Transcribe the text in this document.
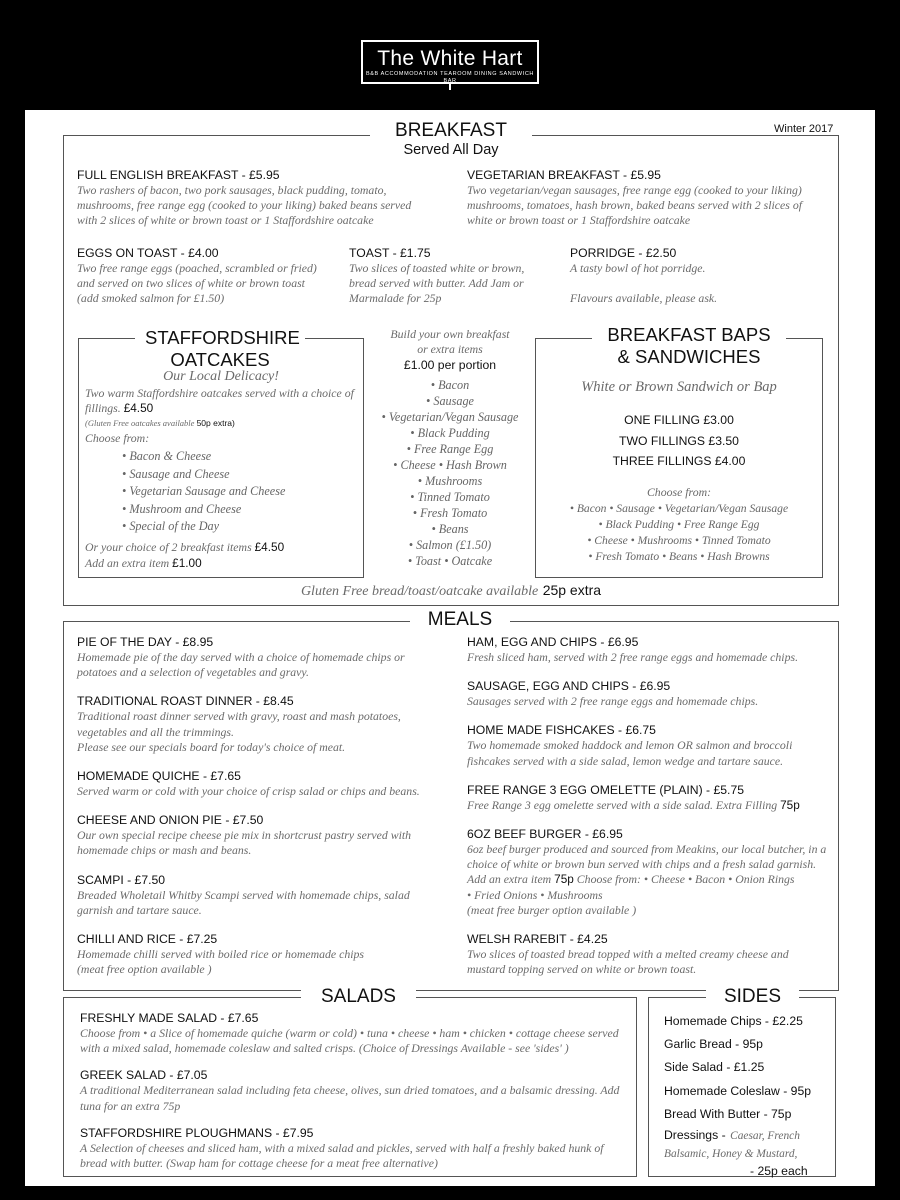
The White Hart
B&B ACCOMMODATION TEAROOM DINING SANDWICH BAR
Winter 2017
BREAKFAST
Served All Day
FULL ENGLISH BREAKFAST - £5.95
Two rashers of bacon, two pork sausages, black pudding, tomato, mushrooms, free range egg (cooked to your liking) baked beans served with 2 slices of white or brown toast or 1 Staffordshire oatcake
VEGETARIAN BREAKFAST - £5.95
Two vegetarian/vegan sausages, free range egg (cooked to your liking) mushrooms, tomatoes, hash brown, baked beans served with 2 slices of white or brown toast or 1 Staffordshire oatcake
EGGS ON TOAST - £4.00
Two free range eggs (poached, scrambled or fried) and served on two slices of white or brown toast (add smoked salmon for £1.50)
TOAST - £1.75
Two slices of toasted white or brown, bread served with butter. Add Jam or Marmalade for 25p
PORRIDGE - £2.50
A tasty bowl of hot porridge.
Flavours available, please ask.
STAFFORDSHIRE
OATCAKES
Our Local Delicacy!
Two warm Staffordshire oatcakes served with a choice of fillings. £4.50
(Gluten Free oatcakes available 50p extra)
Choose from:
• Bacon & Cheese
• Sausage and Cheese
• Vegetarian Sausage and Cheese
• Mushroom and Cheese
• Special of the Day
Or your choice of 2 breakfast items £4.50
Add an extra item £1.00
Build your own breakfast
or extra items
£1.00 per portion
• Bacon
• Sausage
• Vegetarian/Vegan Sausage
• Black Pudding
• Free Range Egg
• Cheese • Hash Brown
• Mushrooms
• Tinned Tomato
• Fresh Tomato
• Beans
• Salmon (£1.50)
• Toast • Oatcake
BREAKFAST BAPS
& SANDWICHES
White or Brown Sandwich or Bap
ONE FILLING £3.00
TWO FILLINGS £3.50
THREE FILLINGS £4.00
Choose from:
• Bacon • Sausage • Vegetarian/Vegan Sausage
• Black Pudding • Free Range Egg
• Cheese • Mushrooms • Tinned Tomato
• Fresh Tomato • Beans • Hash Browns
Gluten Free bread/toast/oatcake available 25p extra
MEALS
PIE OF THE DAY - £8.95
Homemade pie of the day served with a choice of homemade chips or potatoes and a selection of vegetables and gravy.
TRADITIONAL ROAST DINNER - £8.45
Traditional roast dinner served with gravy, roast and mash potatoes, vegetables and all the trimmings.
Please see our specials board for today's choice of meat.
HOMEMADE QUICHE - £7.65
Served warm or cold with your choice of crisp salad or chips and beans.
CHEESE AND ONION PIE - £7.50
Our own special recipe cheese pie mix in shortcrust pastry served with homemade chips or mash and beans.
SCAMPI - £7.50
Breaded Wholetail Whitby Scampi served with homemade chips, salad garnish and tartare sauce.
CHILLI AND RICE - £7.25
Homemade chilli served with boiled rice or homemade chips
(meat free option available )
HAM, EGG AND CHIPS - £6.95
Fresh sliced ham, served with 2 free range eggs and homemade chips.
SAUSAGE, EGG AND CHIPS - £6.95
Sausages served with 2 free range eggs and homemade chips.
HOME MADE FISHCAKES - £6.75
Two homemade smoked haddock and lemon OR salmon and broccoli fishcakes served with a side salad, lemon wedge and tartare sauce.
FREE RANGE 3 EGG OMELETTE (PLAIN) - £5.75
Free Range 3 egg omelette served with a side salad. Extra Filling 75p
6OZ BEEF BURGER - £6.95
6oz beef burger produced and sourced from Meakins, our local butcher, in a choice of white or brown bun served with chips and a fresh salad garnish.
Add an extra item 75p Choose from: • Cheese • Bacon • Onion Rings
• Fried Onions • Mushrooms
(meat free burger option available )
WELSH RAREBIT - £4.25
Two slices of toasted bread topped with a melted creamy cheese and mustard topping served on white or brown toast.
SALADS
FRESHLY MADE SALAD - £7.65
Choose from • a Slice of homemade quiche (warm or cold) • tuna • cheese • ham • chicken • cottage cheese served with a mixed salad, homemade coleslaw and salted crisps. (Choice of Dressings Available - see 'sides' )
GREEK SALAD - £7.05
A traditional Mediterranean salad including feta cheese, olives, sun dried tomatoes, and a balsamic dressing. Add tuna for an extra 75p
STAFFORDSHIRE PLOUGHMANS - £7.95
A Selection of cheeses and sliced ham, with a mixed salad and pickles, served with half a freshly baked hunk of bread with butter. (Swap ham for cottage cheese for a meat free alternative)
SIDES
Homemade Chips - £2.25
Garlic Bread - 95p
Side Salad - £1.25
Homemade Coleslaw - 95p
Bread With Butter - 75p
Dressings - Caesar, French
Balsamic, Honey & Mustard,
- 25p each
